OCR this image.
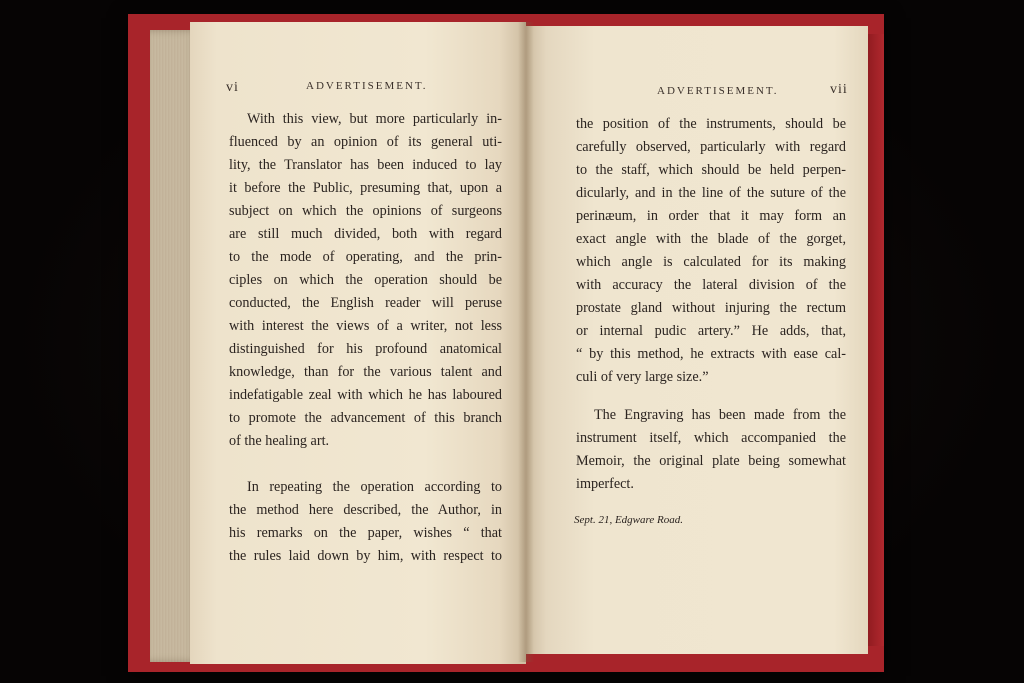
vi	ADVERTISEMENT.
With this view, but more particularly in-
fluenced by an opinion of its general uti-
lity, the Translator has been induced to lay
it before the Public, presuming that, upon a
subject on which the opinions of surgeons
are still much divided, both with regard
to the mode of operating, and the prin-
ciples on which the operation should be
conducted, the English reader will peruse
with interest the views of a writer, not less
distinguished for his profound anatomical
knowledge, than for the various talent and
indefatigable zeal with which he has laboured
to promote the advancement of this branch
of the healing art.
In repeating the operation according to
the method here described, the Author, in
his remarks on the paper, wishes “ that
the rules laid down by him, with respect to
ADVERTISEMENT.	vii
the position of the instruments, should be
carefully observed, particularly with regard
to the staff, which should be held perpen-
dicularly, and in the line of the suture of the
perinæum, in order that it may form an
exact angle with the blade of the gorget,
which angle is calculated for its making
with accuracy the lateral division of the
prostate gland without injuring the rectum
or internal pudic artery.” He adds, that,
“ by this method, he extracts with ease cal-
culi of very large size.”
The Engraving has been made from the
instrument itself, which accompanied the
Memoir, the original plate being somewhat
imperfect.
Sept. 21, Edgware Road.
